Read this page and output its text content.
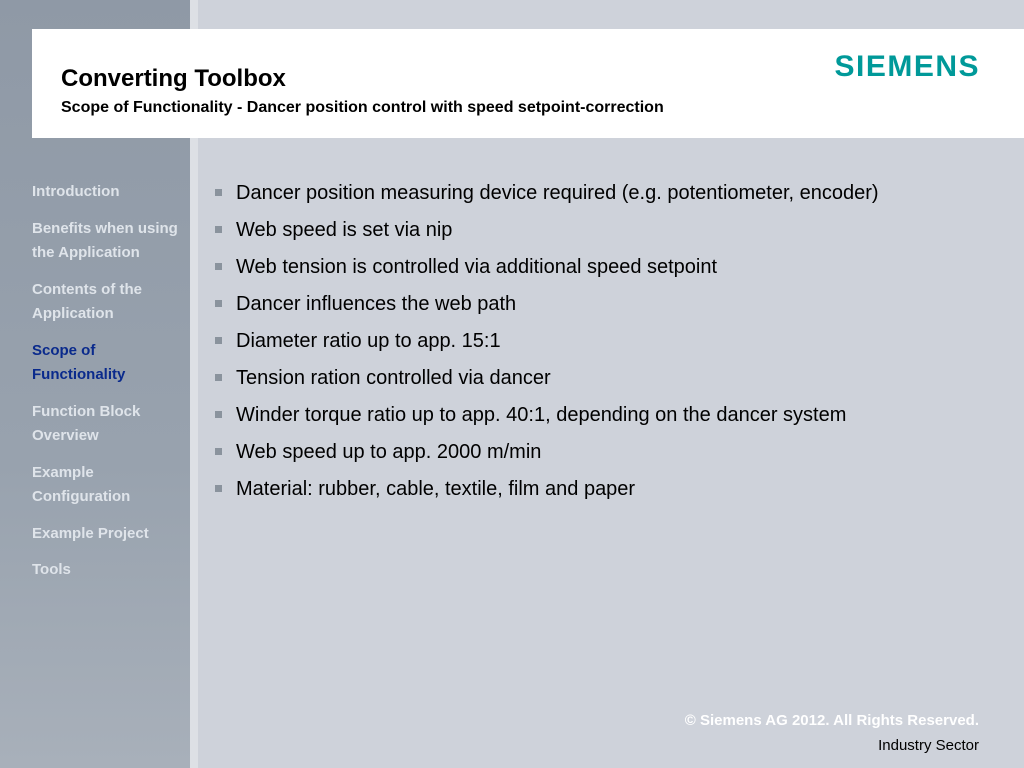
Converting Toolbox
Scope of Functionality - Dancer position control with speed setpoint-correction
SIEMENS
Introduction
Benefits when using the Application
Contents of the Application
Scope of Functionality
Function Block Overview
Example Configuration
Example Project
Tools
Dancer position measuring device required (e.g. potentiometer, encoder)
Web speed is set via nip
Web tension is controlled via additional speed setpoint
Dancer influences the web path
Diameter ratio up to app. 15:1
Tension ration controlled via dancer
Winder torque ratio up to app. 40:1, depending on the dancer system
Web speed up to app. 2000 m/min
Material: rubber, cable, textile, film and paper
© Siemens AG 2012. All Rights Reserved.
Industry Sector
